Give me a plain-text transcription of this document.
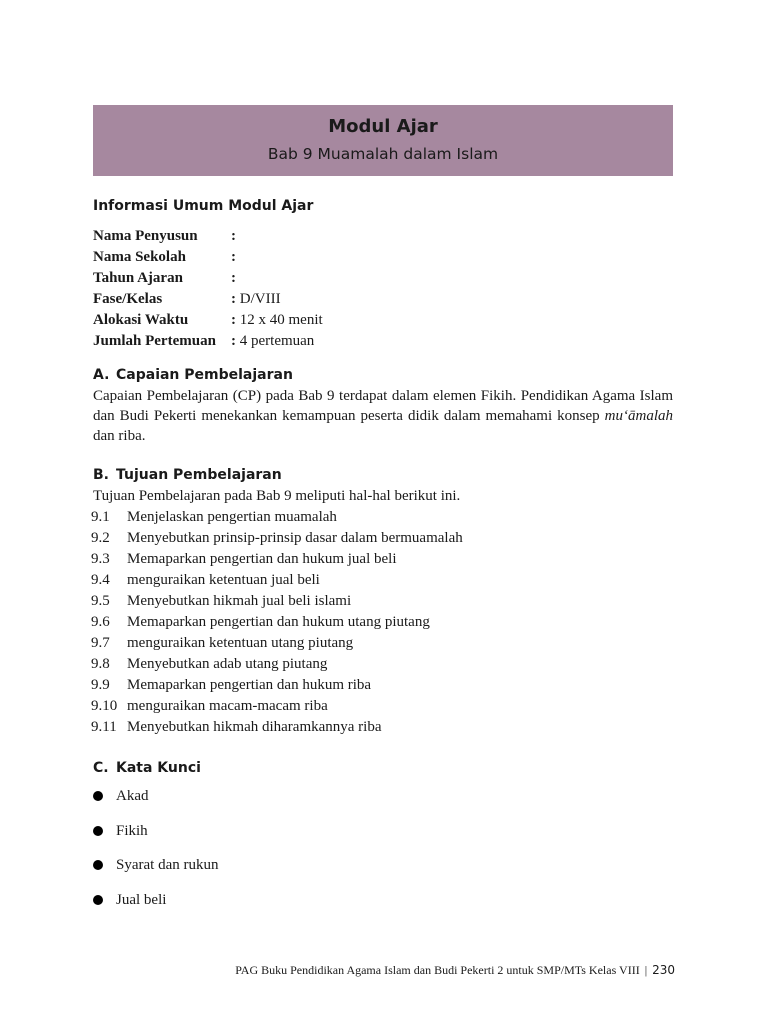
Modul Ajar
Bab 9 Muamalah dalam Islam
Informasi Umum Modul Ajar
Nama Penyusun :
Nama Sekolah	:
Tahun Ajaran	:
Fase/Kelas	: D/VIII
Alokasi Waktu	: 12 x 40 menit
Jumlah Pertemuan : 4 pertemuan
A. Capaian Pembelajaran
Capaian Pembelajaran (CP) pada Bab 9 terdapat dalam elemen Fikih. Pendidikan Agama Islam dan Budi Pekerti menekankan kemampuan peserta didik dalam memahami konsep mu‘āmalah dan riba.
B. Tujuan Pembelajaran
Tujuan Pembelajaran pada Bab 9 meliputi hal-hal berikut ini.
9.1 Menjelaskan pengertian muamalah
9.2 Menyebutkan prinsip-prinsip dasar dalam bermuamalah
9.3 Memaparkan pengertian dan hukum jual beli
9.4 menguraikan ketentuan jual beli
9.5 Menyebutkan hikmah jual beli islami
9.6 Memaparkan pengertian dan hukum utang piutang
9.7 menguraikan ketentuan utang piutang
9.8 Menyebutkan adab utang piutang
9.9 Memaparkan pengertian dan hukum riba
9.10 menguraikan macam-macam riba
9.11 Menyebutkan hikmah diharamkannya riba
C. Kata Kunci
Akad
Fikih
Syarat dan rukun
Jual beli
PAG Buku Pendidikan Agama Islam dan Budi Pekerti 2 untuk SMP/MTs Kelas VIII | 230
